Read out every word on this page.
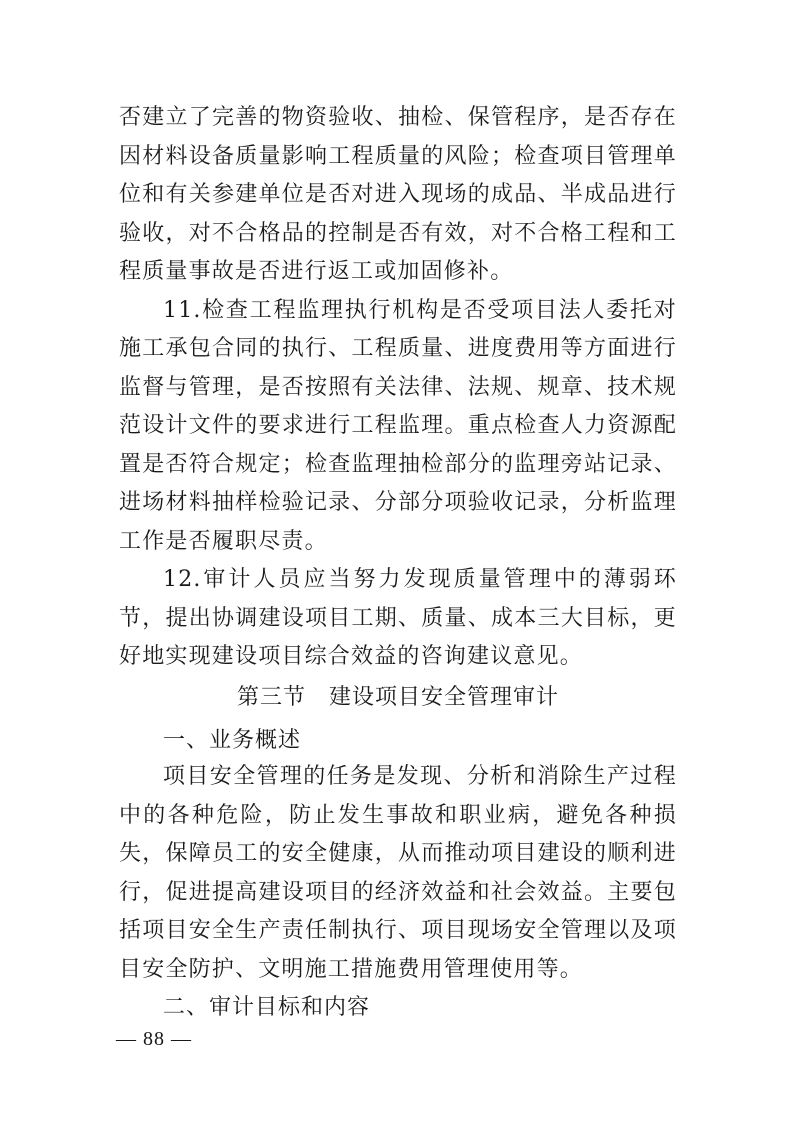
否建立了完善的物资验收、抽检、保管程序，是否存在因材料设备质量影响工程质量的风险；检查项目管理单位和有关参建单位是否对进入现场的成品、半成品进行验收，对不合格品的控制是否有效，对不合格工程和工程质量事故是否进行返工或加固修补。

11.检查工程监理执行机构是否受项目法人委托对施工承包合同的执行、工程质量、进度费用等方面进行监督与管理，是否按照有关法律、法规、规章、技术规范设计文件的要求进行工程监理。重点检查人力资源配置是否符合规定；检查监理抽检部分的监理旁站记录、进场材料抽样检验记录、分部分项验收记录，分析监理工作是否履职尽责。

12.审计人员应当努力发现质量管理中的薄弱环节，提出协调建设项目工期、质量、成本三大目标，更好地实现建设项目综合效益的咨询建议意见。

第三节　建设项目安全管理审计
一、业务概述

项目安全管理的任务是发现、分析和消除生产过程中的各种危险，防止发生事故和职业病，避免各种损失，保障员工的安全健康，从而推动项目建设的顺利进行，促进提高建设项目的经济效益和社会效益。主要包括项目安全生产责任制执行、项目现场安全管理以及项目安全防护、文明施工措施费用管理使用等。

二、审计目标和内容
— 88 —
